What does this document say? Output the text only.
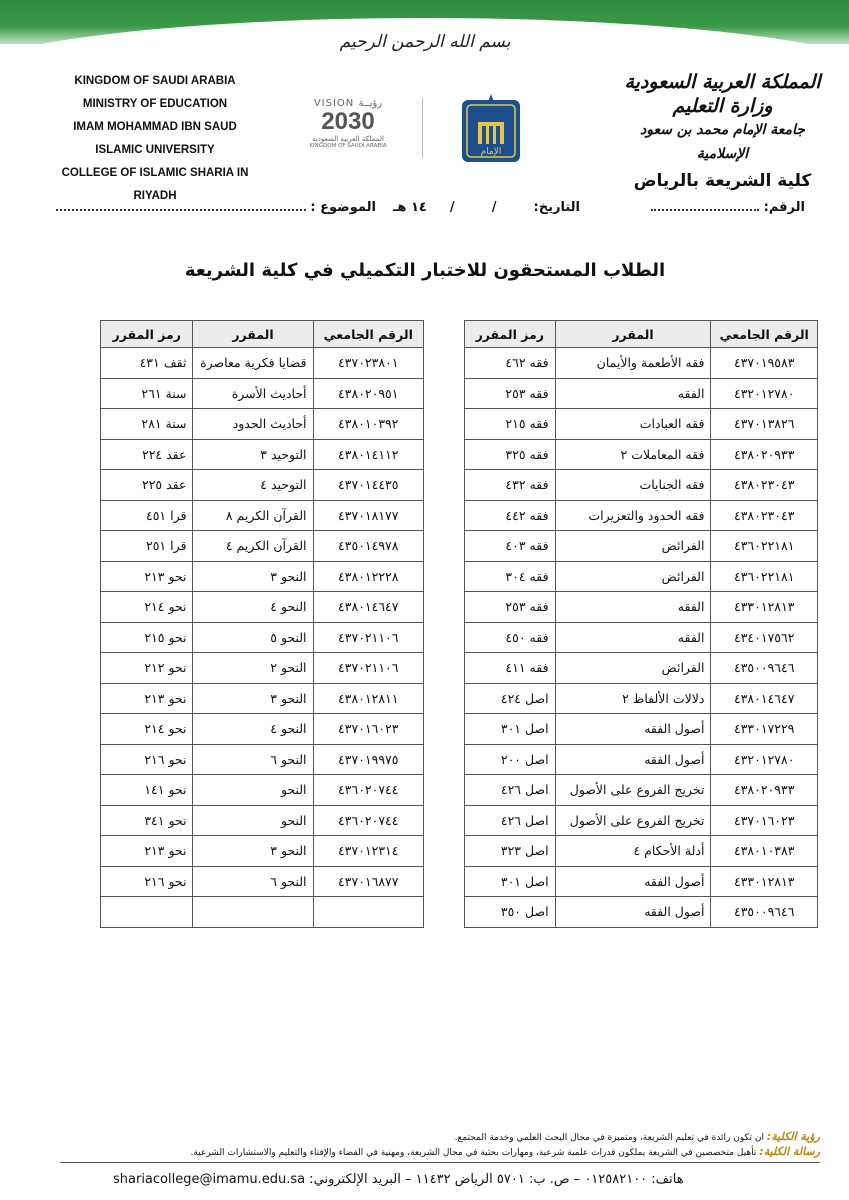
بسم الله الرحمن الرحيم
KINGDOM OF SAUDI ARABIA
MINISTRY OF EDUCATION
IMAM MOHAMMAD IBN SAUD
ISLAMIC UNIVERSITY
COLLEGE OF ISLAMIC SHARIA IN RIYADH
VISION رؤيــة
2030
المملكة العربية السعودية
KINGDOM OF SAUDI ARABIA
الإمام
المملكة العربية السعودية
وزارة التعليم
جامعة الإمام محمد بن سعود الإسلامية
كلية الشريعة بالرياض
الرقم:
التاريخ:  /  /  ١٤ هـ  الموضوع :
الطلاب المستحقون للاختبار التكميلي في كلية الشريعة
الرقم الجامعي	المقرر	رمز المقرر
٤٣٧٠١٩٥٨٣	فقه الأطعمة والأيمان	فقه ٤٦٢
٤٣٢٠١٢٧٨٠	الفقه	فقه ٢٥٣
٤٣٧٠١٣٨٢٦	فقه العبادات	فقه ٢١٥
٤٣٨٠٢٠٩٣٣	فقه المعاملات ٢	فقه ٣٢٥
٤٣٨٠٢٣٠٤٣	فقه الجنايات	فقه ٤٣٢
٤٣٨٠٢٣٠٤٣	فقه الحدود والتعزيرات	فقه ٤٤٢
٤٣٦٠٢٢١٨١	الفرائض	فقه ٤٠٣
٤٣٦٠٢٢١٨١	الفرائض	فقه ٣٠٤
٤٣٣٠١٢٨١٣	الفقه	فقه ٢٥٣
٤٣٤٠١٧٥٦٢	الفقه	فقه ٤٥٠
٤٣٥٠٠٩٦٤٦	الفرائض	فقه ٤١١
٤٣٨٠١٤٦٤٧	دلالات الألفاظ ٢	اصل ٤٢٤
٤٣٣٠١٧٢٢٩	أصول الفقه	اصل ٣٠١
٤٣٢٠١٢٧٨٠	أصول الفقه	اصل ٢٠٠
٤٣٨٠٢٠٩٣٣	تخريج الفروع على الأصول	اصل ٤٢٦
٤٣٧٠١٦٠٢٣	تخريج الفروع على الأصول	اصل ٤٢٦
٤٣٨٠١٠٣٨٣	أدلة الأحكام ٤	اصل ٣٢٣
٤٣٣٠١٢٨١٣	أصول الفقه	اصل ٣٠١
٤٣٥٠٠٩٦٤٦	أصول الفقه	اصل ٣٥٠
الرقم الجامعي	المقرر	رمز المقرر
٤٣٧٠٢٣٨٠١	قضايا فكرية معاصرة	ثقف ٤٣١
٤٣٨٠٢٠٩٥١	أحاديث الأسرة	سنة ٢٦١
٤٣٨٠١٠٣٩٢	أحاديث الحدود	سنة ٢٨١
٤٣٨٠١٤١١٢	التوحيد ٣	عقد ٢٢٤
٤٣٧٠١٤٤٣٥	التوحيد ٤	عقد ٢٢٥
٤٣٧٠١٨١٧٧	القرآن الكريم ٨	قرا ٤٥١
٤٣٥٠١٤٩٧٨	القرآن الكريم ٤	قرا ٢٥١
٤٣٨٠١٢٢٢٨	النحو ٣	نحو ٢١٣
٤٣٨٠١٤٦٤٧	النحو ٤	نحو ٢١٤
٤٣٧٠٢١١٠٦	النحو ٥	نحو ٢١٥
٤٣٧٠٢١١٠٦	النحو ٢	نحو ٢١٢
٤٣٨٠١٢٨١١	النحو ٣	نحو ٢١٣
٤٣٧٠١٦٠٢٣	النحو ٤	نحو ٢١٤
٤٣٧٠١٩٩٧٥	النحو ٦	نحو ٢١٦
٤٣٦٠٢٠٧٤٤	النحو	نحو ١٤١
٤٣٦٠٢٠٧٤٤	النحو	نحو ٣٤١
٤٣٧٠١٢٣١٤	النحو ٣	نحو ٢١٣
٤٣٧٠١٦٨٧٧	النحو ٦	نحو ٢١٦

رؤية الكلية: ان تكون رائدة في تعليم الشريعة، ومتميزة في مجال البحث العلمي وخدمة المجتمع.
رسالة الكلية: تأهيل متخصصين في الشريعة يملكون قدرات علمية شرعية، ومهارات بحثية في مجال الشريعة، ومهنية في القضاء والإفتاء والتعليم والاستشارات الشرعية.
هاتف: ٠١٢٥٨٢١٠٠ – ص. ب: ٥٧٠١ الرياض ١١٤٣٢ – البريد الإلكتروني: shariacollege@imamu.edu.sa
